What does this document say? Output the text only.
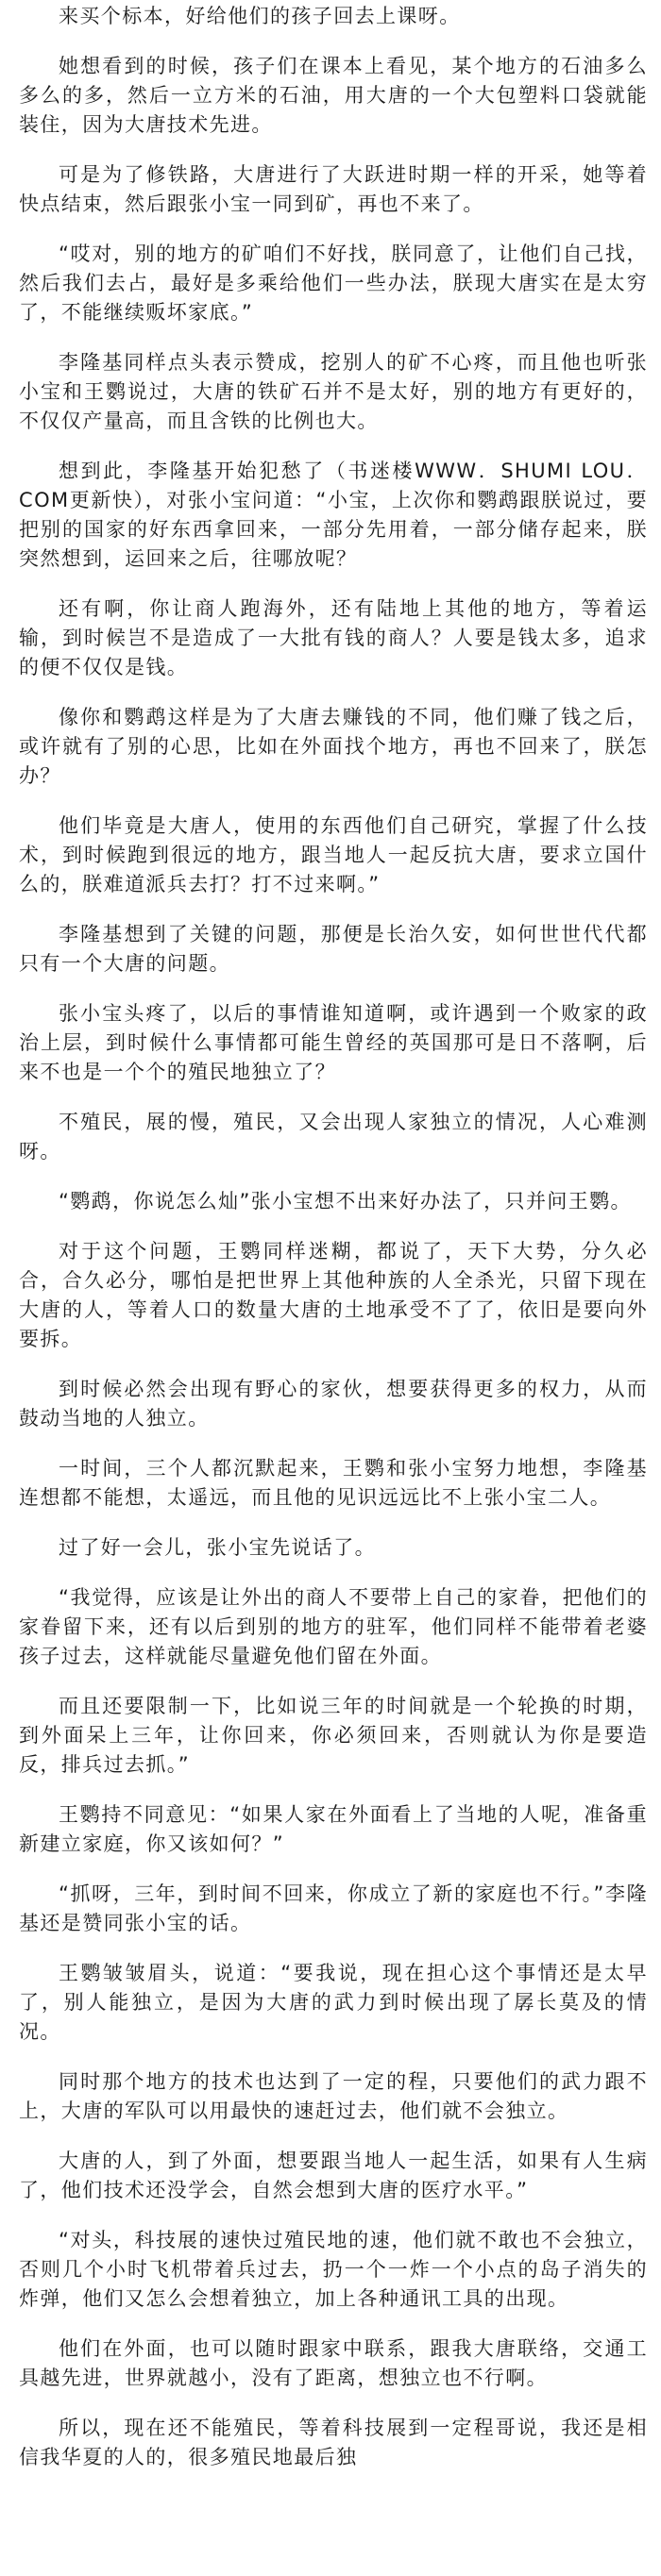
来买个标本，好给他们的孩子回去上课呀。

她想看到的时候，孩子们在课本上看见，某个地方的石油多么多么的多，然后一立方米的石油，用大唐的一个大包塑料口袋就能装住，因为大唐技术先进。

可是为了修铁路，大唐进行了大跃进时期一样的开采，她等着快点结束，然后跟张小宝一同到矿，再也不来了。

“哎对，别的地方的矿咱们不好找，朕同意了，让他们自己找，然后我们去占，最好是多乘给他们一些办法，朕现大唐实在是太穷了，不能继续贩坏家底。”

李隆基同样点头表示赞成，挖别人的矿不心疼，而且他也听张小宝和王鹦说过，大唐的铁矿石并不是太好，别的地方有更好的，不仅仅产量高，而且含铁的比例也大。

想到此，李隆基开始犯愁了（书迷楼WWW．SHUMI LOU．COM更新快），对张小宝问道：“小宝，上次你和鹦鹉跟朕说过，要把别的国家的好东西拿回来，一部分先用着，一部分储存起来，朕突然想到，运回来之后，往哪放呢？

还有啊，你让商人跑海外，还有陆地上其他的地方，等着运输，到时候岂不是造成了一大批有钱的商人？人要是钱太多，追求的便不仅仅是钱。

像你和鹦鹉这样是为了大唐去赚钱的不同，他们赚了钱之后，或许就有了别的心思，比如在外面找个地方，再也不回来了，朕怎办？

他们毕竟是大唐人，使用的东西他们自己研究，掌握了什么技术，到时候跑到很远的地方，跟当地人一起反抗大唐，要求立国什么的，朕难道派兵去打？打不过来啊。”

李隆基想到了关键的问题，那便是长治久安，如何世世代代都只有一个大唐的问题。

张小宝头疼了，以后的事情谁知道啊，或许遇到一个败家的政治上层，到时候什么事情都可能生曾经的英国那可是日不落啊，后来不也是一个个的殖民地独立了？

不殖民，展的慢，殖民，又会出现人家独立的情况，人心难测呀。

“鹦鹉，你说怎么灿”张小宝想不出来好办法了，只并问王鹦。

对于这个问题，王鹦同样迷糊，都说了，天下大势，分久必合，合久必分，哪怕是把世界上其他种族的人全杀光，只留下现在大唐的人，等着人口的数量大唐的土地承受不了了，依旧是要向外要拆。

到时候必然会出现有野心的家伙，想要获得更多的权力，从而鼓动当地的人独立。

一时间，三个人都沉默起来，王鹦和张小宝努力地想，李隆基连想都不能想，太遥远，而且他的见识远远比不上张小宝二人。

过了好一会儿，张小宝先说话了。

“我觉得，应该是让外出的商人不要带上自己的家眷，把他们的家眷留下来，还有以后到别的地方的驻军，他们同样不能带着老婆孩子过去，这样就能尽量避免他们留在外面。

而且还要限制一下，比如说三年的时间就是一个轮换的时期，到外面呆上三年，让你回来，你必须回来，否则就认为你是要造反，排兵过去抓。”

王鹦持不同意见：“如果人家在外面看上了当地的人呢，准备重新建立家庭，你又该如何？”

“抓呀，三年，到时间不回来，你成立了新的家庭也不行。”李隆基还是赞同张小宝的话。

王鹦皱皱眉头，说道：“要我说，现在担心这个事情还是太早了，别人能独立，是因为大唐的武力到时候出现了孱长莫及的情况。

同时那个地方的技术也达到了一定的程，只要他们的武力跟不上，大唐的军队可以用最快的速赶过去，他们就不会独立。

大唐的人，到了外面，想要跟当地人一起生活，如果有人生病了，他们技术还没学会，自然会想到大唐的医疗水平。”

“对头，科技展的速快过殖民地的速，他们就不敢也不会独立，否则几个小时飞机带着兵过去，扔一个一炸一个小点的岛子消失的炸弹，他们又怎么会想着独立，加上各种通讯工具的出现。

他们在外面，也可以随时跟家中联系，跟我大唐联络，交通工具越先进，世界就越小，没有了距离，想独立也不行啊。

所以，现在还不能殖民，等着科技展到一定程哥说，我还是相信我华夏的人的，很多殖民地最后独
